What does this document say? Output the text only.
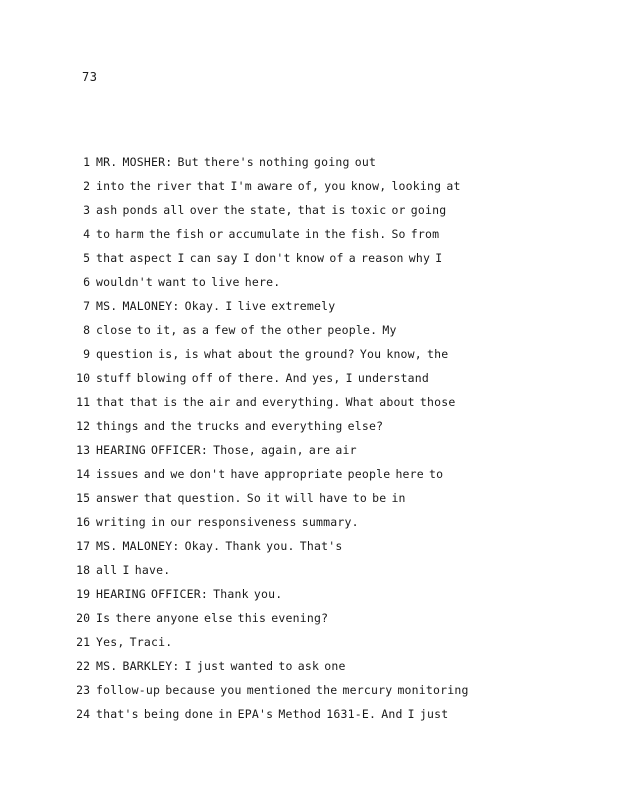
73
1 MR. MOSHER: But there's nothing going out
2 into the river that I'm aware of, you know, looking at
3 ash ponds all over the state, that is toxic or going
4 to harm the fish or accumulate in the fish. So from
5 that aspect I can say I don't know of a reason why I
6 wouldn't want to live here.
7 MS. MALONEY: Okay. I live extremely
8 close to it, as a few of the other people. My
9 question is, is what about the ground? You know, the
10 stuff blowing off of there. And yes, I understand
11 that that is the air and everything. What about those
12 things and the trucks and everything else?
13 HEARING OFFICER: Those, again, are air
14 issues and we don't have appropriate people here to
15 answer that question. So it will have to be in
16 writing in our responsiveness summary.
17 MS. MALONEY: Okay. Thank you. That's
18 all I have.
19 HEARING OFFICER: Thank you.
20 Is there anyone else this evening?
21 Yes, Traci.
22 MS. BARKLEY: I just wanted to ask one
23 follow-up because you mentioned the mercury monitoring
24 that's being done in EPA's Method 1631-E. And I just
